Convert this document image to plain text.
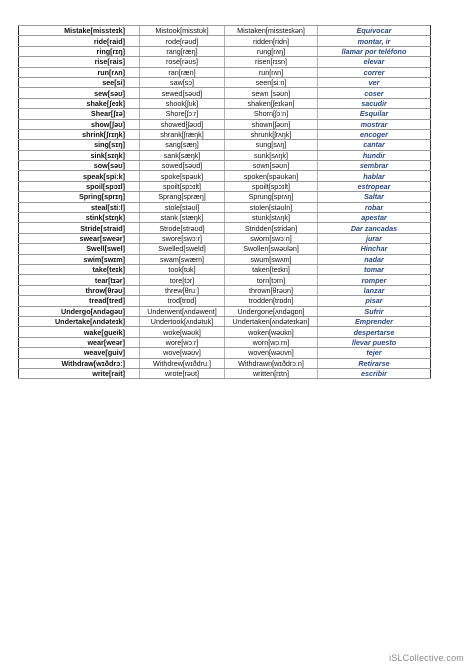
Mistake[missteɪk]	Mistook[misstʊk]	Mistaken[missteɪkən]	Equivocar
ride[raid]	rode[rəʊd]	ridden[ridn]	montar, ir
ring[rɪŋ]	rang[ræŋ]	rung[rʌŋ]	llamar por teléfono
rise[rais]	rose[rəʊs]	risen[rɪsn]	elevar
run[rʌn]	ran[ræn]	run[rʌn]	correr
see[si]	saw[sɔ]	seen[siːn]	ver
sew[səʊ]	sewed[səʊd]	sewn [səʊn]	coser
shake[ʃeɪk]	shook[ʃʊk]	shaken[ʃeɪkən]	sacudir
Shear[ʃɪə]	Shore[ʃɔːr]	Shorn[ʃɔːn]	Esquilar
show[ʃəʊ]	showed[ʃəʊd]	shown[ʃəʊn]	mostrar
shrink[ʃrɪŋk]	shrank[ʃræŋk]	shrunk[ʃrʌŋk]	encoger
sing[sɪŋ]	sang[sæŋ]	sung[sʌŋ]	cantar
sink[sɪŋk]	sank[sæŋk]	sunk[sʌŋk]	hundir
sow[səʊ]	sowed[səʊd]	sown[səʊn]	sembrar
speak[spiːk]	spoke[spəʊk]	spoken[spəʊkən]	hablar
spoil[spɔɪl]	spoilt[spɔɪlt]	spoilt[spɔɪlt]	estropear
Spring[sprɪŋ]	Sprang[spræŋ]	Sprung[sprʌŋ]	Saltar
steal[stiːl]	stole[stəʊl]	stolen[stəʊln]	robar
stink[stɪŋk]	stank [stæŋk]	stunk[stʌŋk]	apestar
Stride[straid]	Strode[strəʊd]	Stridden[stridən]	Dar zancadas
swear[sweər]	swore[swɔːr]	sworn[swɔːn]	jurar
Swell[swel]	Swelled[sweld]	Swollen[swəʊlən]	Hinchar
swim[swɪm]	swam[swæm]	swum[swʌm]	nadar
take[teɪk]	took[tʊk]	taken[teɪkn]	tomar
tear[tɪər]	tore[tɔr]	torn[tɔrn]	romper
throw[θrəʊ]	threw[θruː]	thrown[θrəʊn]	lanzar
tread[tred]	trod[trɒd]	trodden[trɒdn]	pisar
Undergo[ʌndəgəʊ]	Underwent[ʌndəwent]	Undergone[ʌndəgɒn]	Sufrir
Undertake[ʌndəteɪk]	Undertook[ʌndətʊk]	Undertaken[ʌndəteɪkən]	Emprender
wake[gueik]	woke[wəʊk]	woken[wəʊkn]	despertarse
wear[weər]	wore[wɔːr]	worn[wɔːrn]	llevar puesto
weave[guiv]	wove[wəʊv]	woven[wəʊvn]	tejer
Withdraw[wɪðdrɔː]	Withdrew[wɪðdruː]	Withdrawn[wɪðdrɔːn]	Retirarse
write[rait]	wrote[rəʊt]	written[rɪtn]	escribir
iSLCollective.com
